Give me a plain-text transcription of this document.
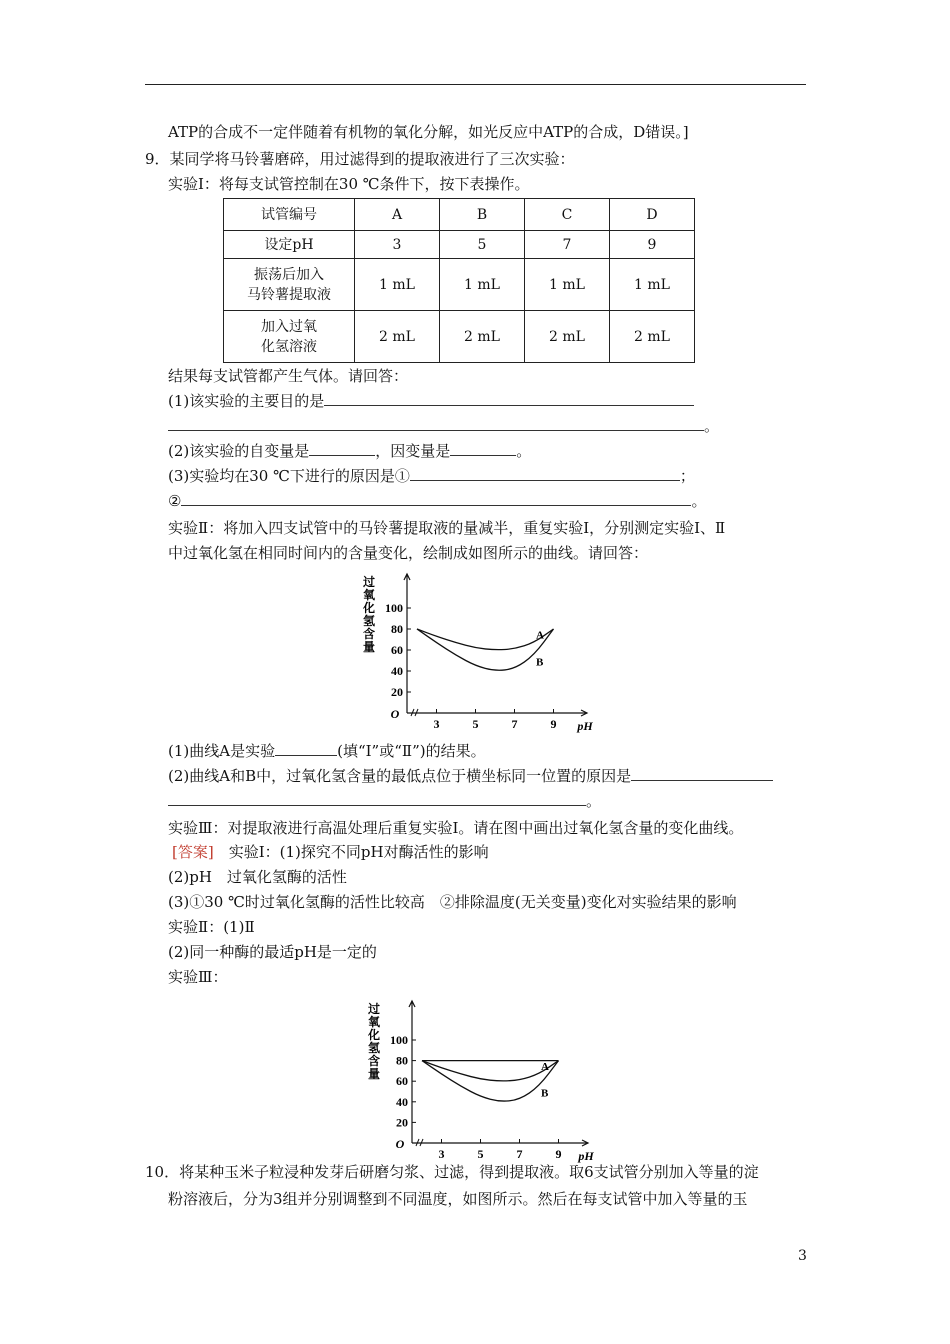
ATP的合成不一定伴随着有机物的氧化分解，如光反应中ATP的合成，D错误。]
9．某同学将马铃薯磨碎，用过滤得到的提取液进行了三次实验：
实验Ⅰ：将每支试管控制在30 ℃条件下，按下表操作。
试管编号	A	B	C	D
设定pH	3	5	7	9
振荡后加入
马铃薯提取液	1 mL	1 mL	1 mL	1 mL
加入过氧
化氢溶液	2 mL	2 mL	2 mL	2 mL
结果每支试管都产生气体。请回答：
(1)该实验的主要目的是
。
(2)该实验的自变量是	，因变量是	。
(3)实验均在30 ℃下进行的原因是①	；
②	。
实验Ⅱ：将加入四支试管中的马铃薯提取液的量减半，重复实验Ⅰ，分别测定实验Ⅰ、Ⅱ
中过氧化氢在相同时间内的含量变化，绘制成如图所示的曲线。请回答：
过
氧
化
氢
含
量
20
40
60
80
100
3	5	7	9
O
pH
A
B
(1)曲线A是实验	(填“Ⅰ”或“Ⅱ”)的结果。
(2)曲线A和B中，过氧化氢含量的最低点位于横坐标同一位置的原因是
。
实验Ⅲ：对提取液进行高温处理后重复实验Ⅰ。请在图中画出过氧化氢含量的变化曲线。
[答案]　 实验Ⅰ：(1)探究不同pH对酶活性的影响
(2)pH　过氧化氢酶的活性
(3)①30 ℃时过氧化氢酶的活性比较高　②排除温度(无关变量)变化对实验结果的影响
实验Ⅱ：(1)Ⅱ
(2)同一种酶的最适pH是一定的
实验Ⅲ：
过
氧
化
氢
含
量
20
40
60
80
100
3	5	7	9
O
pH
A
B
10．将某种玉米子粒浸种发芽后研磨匀浆、过滤，得到提取液。取6支试管分别加入等量的淀
粉溶液后，分为3组并分别调整到不同温度，如图所示。然后在每支试管中加入等量的玉
3
